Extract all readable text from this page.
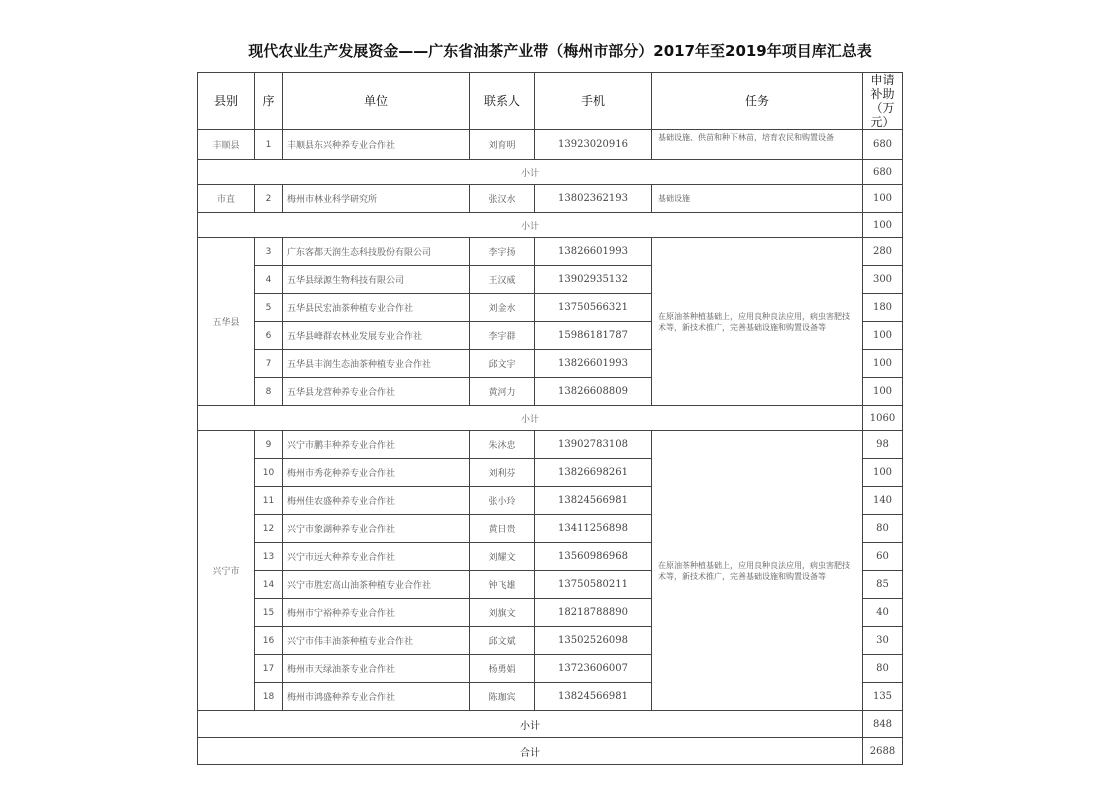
现代农业生产发展资金——广东省油茶产业带（梅州市部分）2017年至2019年项目库汇总表
县别	序	单位	联系人	手机	任务	申请补助（万元）
丰顺县	1	丰顺县东兴种养专业合作社	刘育明	13923020916	基础设施、供苗和种下林苗，培育农民和购置设备	680
小计						680
市直	2	梅州市林业科学研究所	张汉水	13802362193	基础设施	100
小计						100
五华县	3	广东客都天润生态科技股份有限公司	李宇扬	13826601993	在原油茶种植基础上，应用良种良法应用，病虫害肥技术等，新技术推广，完善基础设施和购置设备等	280
	4	五华县绿源生物科技有限公司	王汉威	13902935132		300
	5	五华县民宏油茶种植专业合作社	刘金水	13750566321		180
	6	五华县峰群农林业发展专业合作社	李宇群	15986181787		100
	7	五华县丰润生态油茶种植专业合作社	邱文宇	13826601993		100
	8	五华县龙营种养专业合作社	黄河力	13826608809		100
小计						1060
兴宁市	9	兴宁市鹏丰种养专业合作社	朱沐忠	13902783108	在原油茶种植基础上，应用良种良法应用，病虫害肥技术等，新技术推广，完善基础设施和购置设备等	98
	10	梅州市秀花种养专业合作社	刘利芬	13826698261		100
	11	梅州佳农盛种养专业合作社	张小玲	13824566981		140
	12	兴宁市象湖种养专业合作社	黄日贵	13411256898		80
	13	兴宁市远大种养专业合作社	刘耀文	13560986968		60
	14	兴宁市胜宏高山油茶种植专业合作社	钟飞雄	13750580211		85
	15	梅州市宁裕种养专业合作社	刘旗文	18218788890		40
	16	兴宁市伟丰油茶种植专业合作社	邱文斌	13502526098		30
	17	梅州市天绿油茶专业合作社	杨勇娟	13723606007		80
	18	梅州市鸿盛种养专业合作社	陈珈宾	13824566981		135
小计						848
合计						2688
